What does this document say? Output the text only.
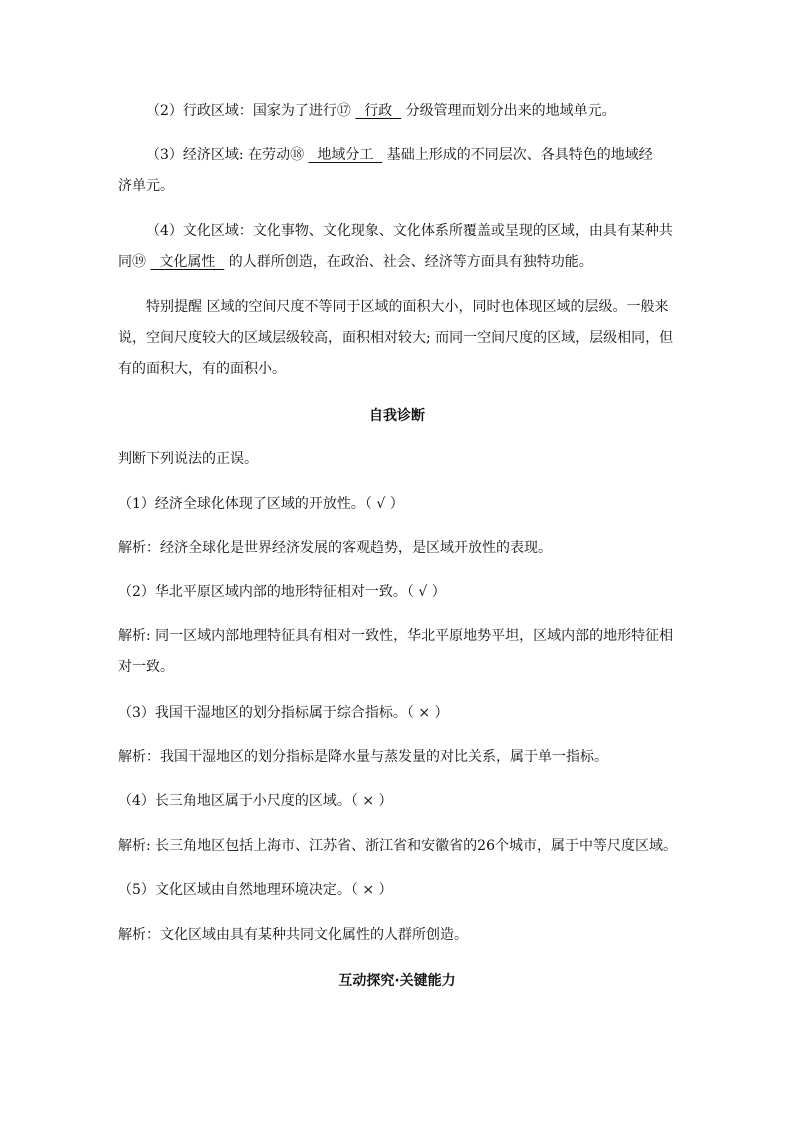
（2）行政区域：国家为了进行⑰   行政   分级管理而划分出来的地域单元。

（3）经济区域: 在劳动⑱   地域分工   基础上形成的不同层次、各具特色的地域经

济单元。

（4）文化区域：文化事物、文化现象、文化体系所覆盖或呈现的区域，由具有某种共

同⑲   文化属性   的人群所创造，在政治、社会、经济等方面具有独特功能。

特别提醒 区域的空间尺度不等同于区域的面积大小，同时也体现区域的层级。一般来

说，空间尺度较大的区域层级较高，面积相对较大; 而同一空间尺度的区域，层级相同，但

有的面积大，有的面积小。

自我诊断

判断下列说法的正误。

（1）经济全球化体现了区域的开放性。（ √ ）

解析：经济全球化是世界经济发展的客观趋势，是区域开放性的表现。

（2）华北平原区域内部的地形特征相对一致。（ √ ）

解析: 同一区域内部地理特征具有相对一致性，华北平原地势平坦，区域内部的地形特征相

对一致。

（3）我国干湿地区的划分指标属于综合指标。（ × ）

解析：我国干湿地区的划分指标是降水量与蒸发量的对比关系，属于单一指标。

（4）长三角地区属于小尺度的区域。（ × ）

解析: 长三角地区包括上海市、江苏省、浙江省和安徽省的26个城市，属于中等尺度区域。

（5）文化区域由自然地理环境决定。（ × ）

解析：文化区域由具有某种共同文化属性的人群所创造。

互动探究·关键能力
